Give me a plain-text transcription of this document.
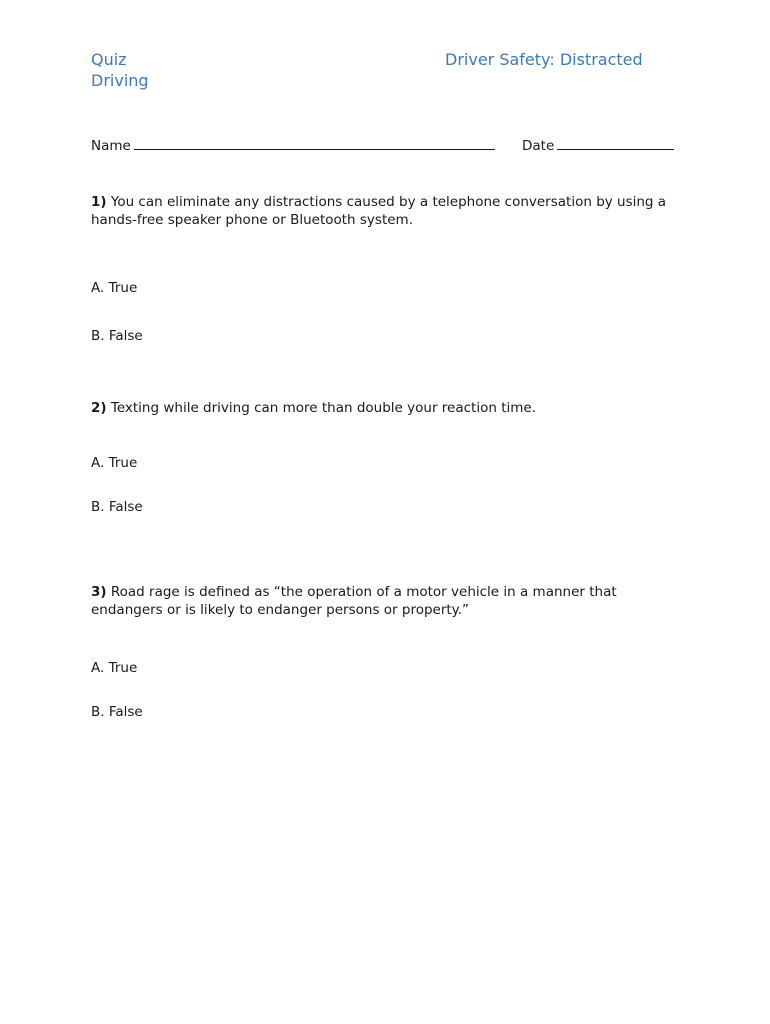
Quiz	Driver Safety: Distracted
Driving
Name	Date
1) You can eliminate any distractions caused by a telephone conversation by using a hands-free speaker phone or Bluetooth system.
A. True
B. False
2) Texting while driving can more than double your reaction time.
A. True
B. False
3) Road rage is defined as “the operation of a motor vehicle in a manner that endangers or is likely to endanger persons or property.”
A. True
B. False
